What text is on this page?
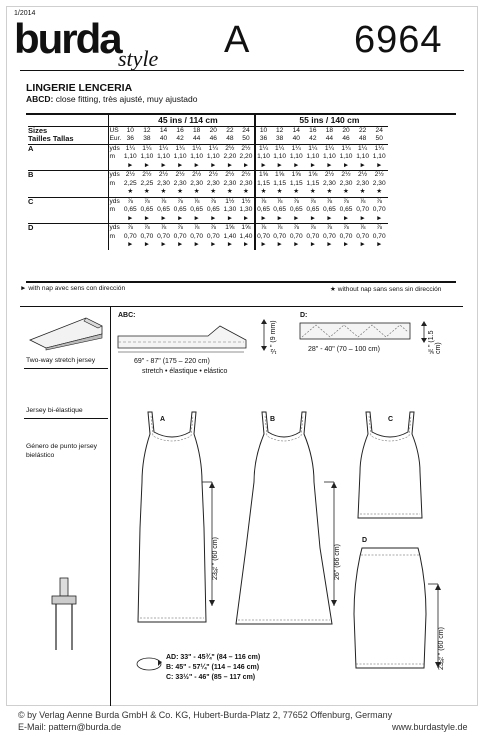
1/2014
burda
style A	6964
LINGERIE LENCERIA
ABCD: close fitting, très ajusté, muy ajustado
		45 ins / 114 cm									55 ins / 140 cm						
Sizes	US	10	12	14	16	18	20	22	24	10	12	14	16	18	20	22	24
Tailles Tallas	Eur.	36	38	40	42	44	46	48	50	36	38	40	42	44	46	48	50
A	yds	1¼	1¼	1¼	1¼	1¼	1¼	2½	2½	1¼	1¼	1¼	1¼	1¼	1¼	1¼	1¼
	m	1,10	1,10	1,10	1,10	1,10	1,10	2,20	2,20	1,10	1,10	1,10	1,10	1,10	1,10	1,10	1,10
		►	►	►	►	►	►	►	►	►	►	►	►	►	►	►	►
B	yds	2½	2½	2½	2½	2½	2½	2½	2½	1⅝	1⅝	1⅝	1⅝	2½	2½	2½	2½
	m	2,25	2,25	2,30	2,30	2,30	2,30	2,30	2,30	1,15	1,15	1,15	1,15	2,30	2,30	2,30	2,30
		★	★	★	★	★	★	★	★	★	★	★	★	★	★	★	★
C	yds	⅞	⅞	⅞	⅞	⅞	⅞	1½	1½	⅞	⅞	⅞	⅞	⅞	⅞	⅞	⅞
	m	0,65	0,65	0,65	0,65	0,65	0,65	1,30	1,30	0,65	0,65	0,65	0,65	0,65	0,65	0,70	0,70
		►	►	►	►	►	►	►	►	►	►	►	►	►	►	►	►
D	yds	⅞	⅞	⅞	⅞	⅞	⅞	1⅝	1⅝	⅞	⅞	⅞	⅞	⅞	⅞	⅞	⅞
	m	0,70	0,70	0,70	0,70	0,70	0,70	1,40	1,40	0,70	0,70	0,70	0,70	0,70	0,70	0,70	0,70
		►	►	►	►	►	►	►	►	►	►	►	►	►	►	►	►
► with nap avec sens con dirección	★ without nap sans sens sin dirección
Two-way stretch jersey
Jersey bi-élastique
Género de punto jersey bielástico
ABC:
69" - 87" (175 – 220 cm)
stretch • élastique • elástico
½" (9 mm)
D:
28" - 40" (70 – 100 cm)	⅝" (1.5 cm)
A
23¾" (60 cm)
B
26" (66 cm)
C
D
23¾" (60 cm)
AD: 33" - 45¾" (84 – 116 cm)
B: 45" - 57¼" (114 – 146 cm)
C: 33½" - 46" (85 – 117 cm)
© by Verlag Aenne Burda GmbH & Co. KG, Hubert-Burda-Platz 2, 77652 Offenburg, Germany
E-Mail: pattern@burda.de	www.burdastyle.de
